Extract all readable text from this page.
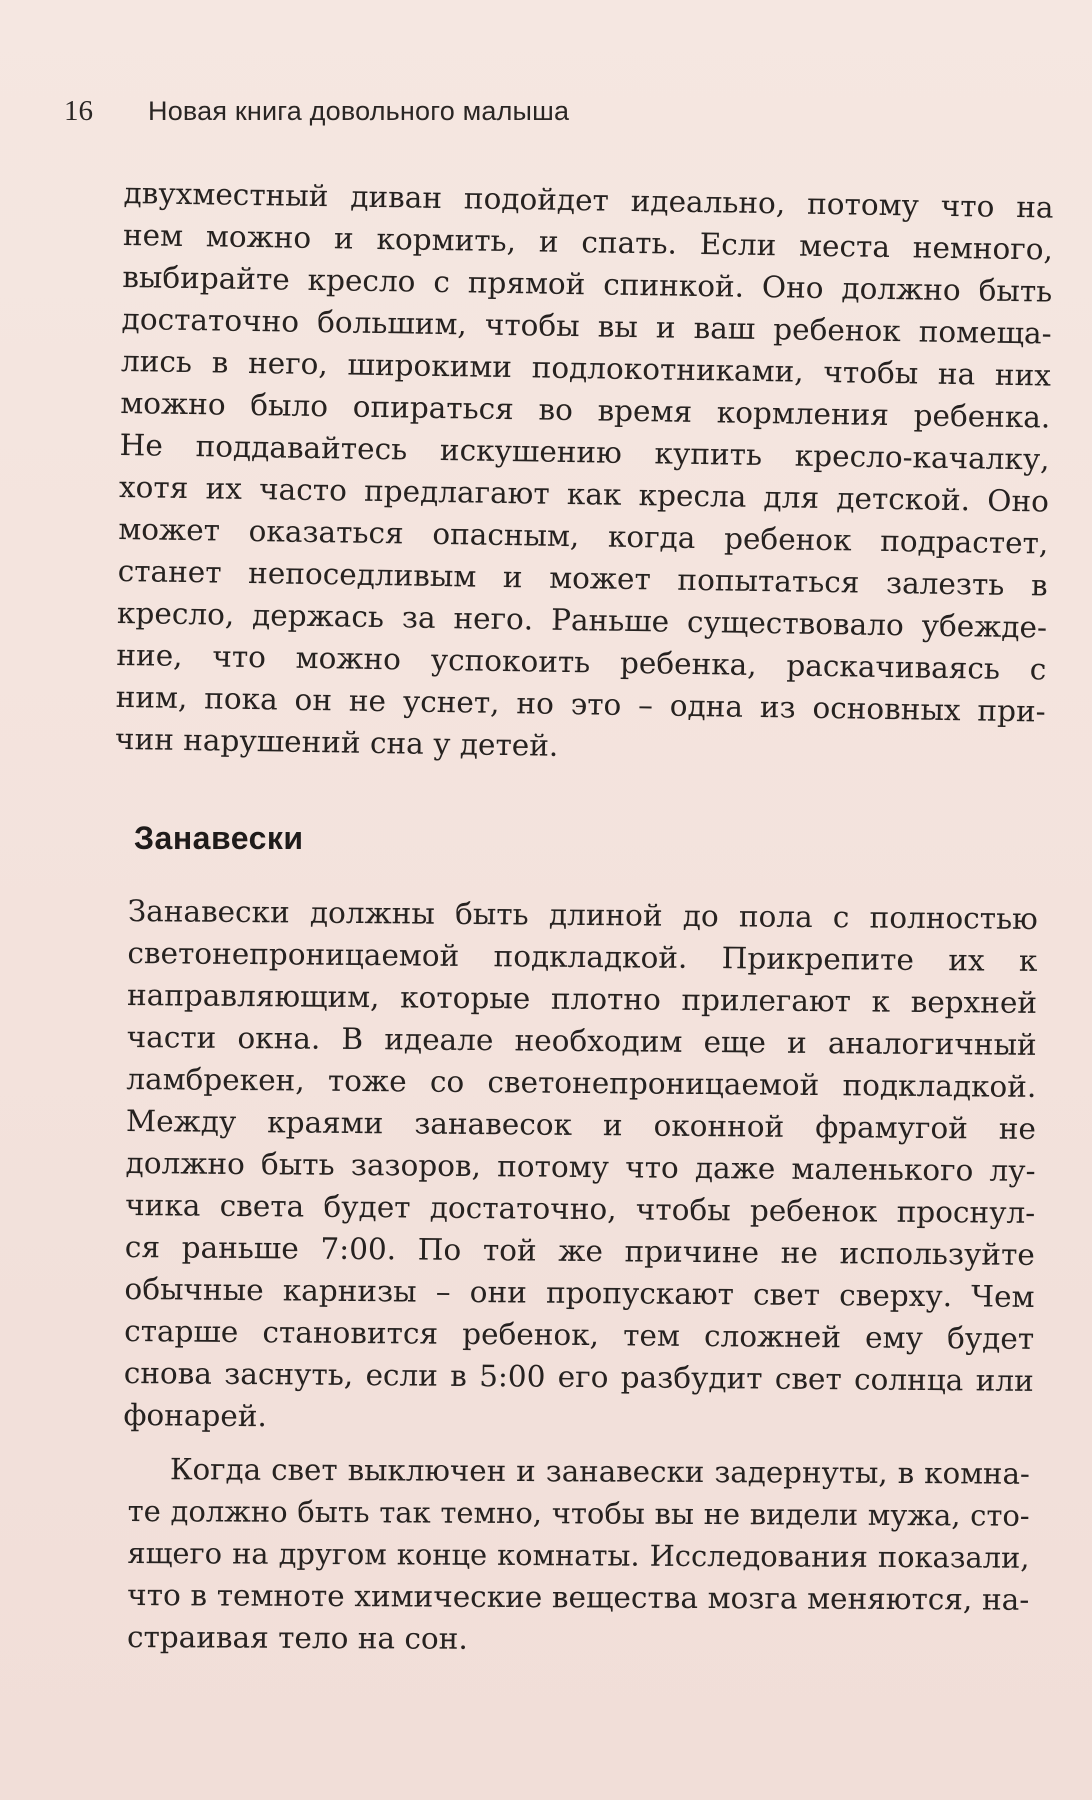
16 Новая книга довольного малыша
двухместный диван подойдет идеально, потому что на
нем можно и кормить, и спать. Если места немного,
выбирайте кресло с прямой спинкой. Оно должно быть
достаточно большим, чтобы вы и ваш ребенок помеща-
лись в него, широкими подлокотниками, чтобы на них
можно было опираться во время кормления ребенка.
Не поддавайтесь искушению купить кресло-качалку,
хотя их часто предлагают как кресла для детской. Оно
может оказаться опасным, когда ребенок подрастет,
станет непоседливым и может попытаться залезть в
кресло, держась за него. Раньше существовало убежде-
ние, что можно успокоить ребенка, раскачиваясь с
ним, пока он не уснет, но это – одна из основных при-
чин нарушений сна у детей.
Занавески
Занавески должны быть длиной до пола с полностью
светонепроницаемой подкладкой. Прикрепите их к
направляющим, которые плотно прилегают к верхней
части окна. В идеале необходим еще и аналогичный
ламбрекен, тоже со светонепроницаемой подкладкой.
Между краями занавесок и оконной фрамугой не
должно быть зазоров, потому что даже маленького лу-
чика света будет достаточно, чтобы ребенок проснул-
ся раньше 7:00. По той же причине не используйте
обычные карнизы – они пропускают свет сверху. Чем
старше становится ребенок, тем сложней ему будет
снова заснуть, если в 5:00 его разбудит свет солнца или
фонарей.
Когда свет выключен и занавески задернуты, в комна-
те должно быть так темно, чтобы вы не видели мужа, сто-
ящего на другом конце комнаты. Исследования показали,
что в темноте химические вещества мозга меняются, на-
страивая тело на сон.
